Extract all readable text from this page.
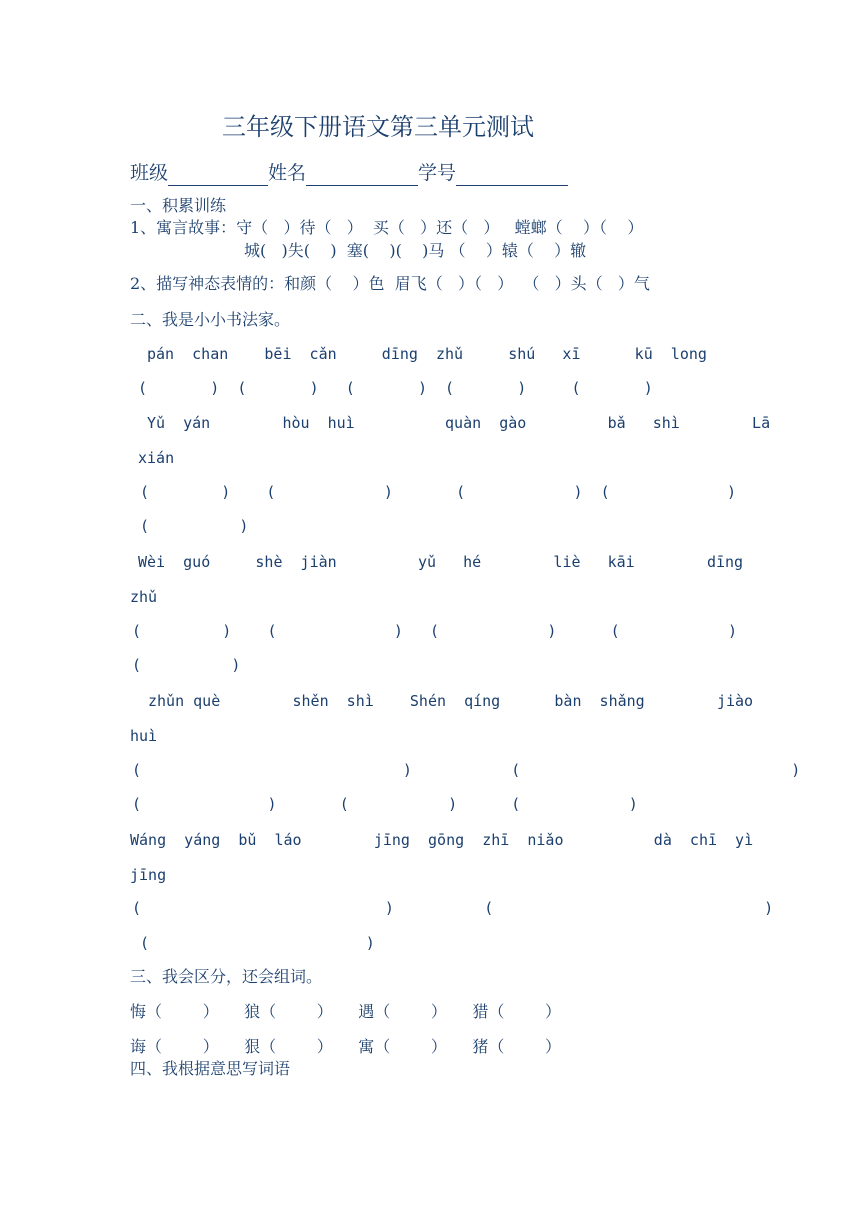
三年级下册语文第三单元测试
班级	姓名	学号
一、积累训练
1、寓言故事：守（   ）待（   ）  买（   ）还（   ）   螳螂（    ）（    ）
城(   )失(    )  塞(    )(    )马 （    ）辕（    ）辙
2、描写神态表情的：和颜（    ）色  眉飞（   ）（   ）  （   ）头（   ）气
二、我是小小书法家。
pán  chan    bēi  cǎn     dīng  zhǔ     shú   xī      kū  long
(       )  (       )   (       )  (       )     (       )
Yǔ  yán        hòu  huì          quàn  gào         bǎ   shì        Lā
xián
(        )    (            )       (            )  (             )
(          )
Wèi  guó     shè  jiàn         yǔ   hé        liè   kāi        dīng
zhǔ
(         )    (             )   (            )      (            )
(          )
zhǔn què        shěn  shì    Shén  qíng      bàn  shǎng        jiào
huì
(                             )           (                              )
(              )       (           )      (            )
Wáng  yáng  bǔ  láo        jīng  gōng  zhī  niǎo          dà  chī  yì
jīng
(                           )          (                              )
(                        )
三、我会区分，还会组词。
悔（        ）     狼（        ）     遇（        ）     猎（        ）
诲（        ）     狠（        ）     寓（        ）     猪（        ）
四、我根据意思写词语
